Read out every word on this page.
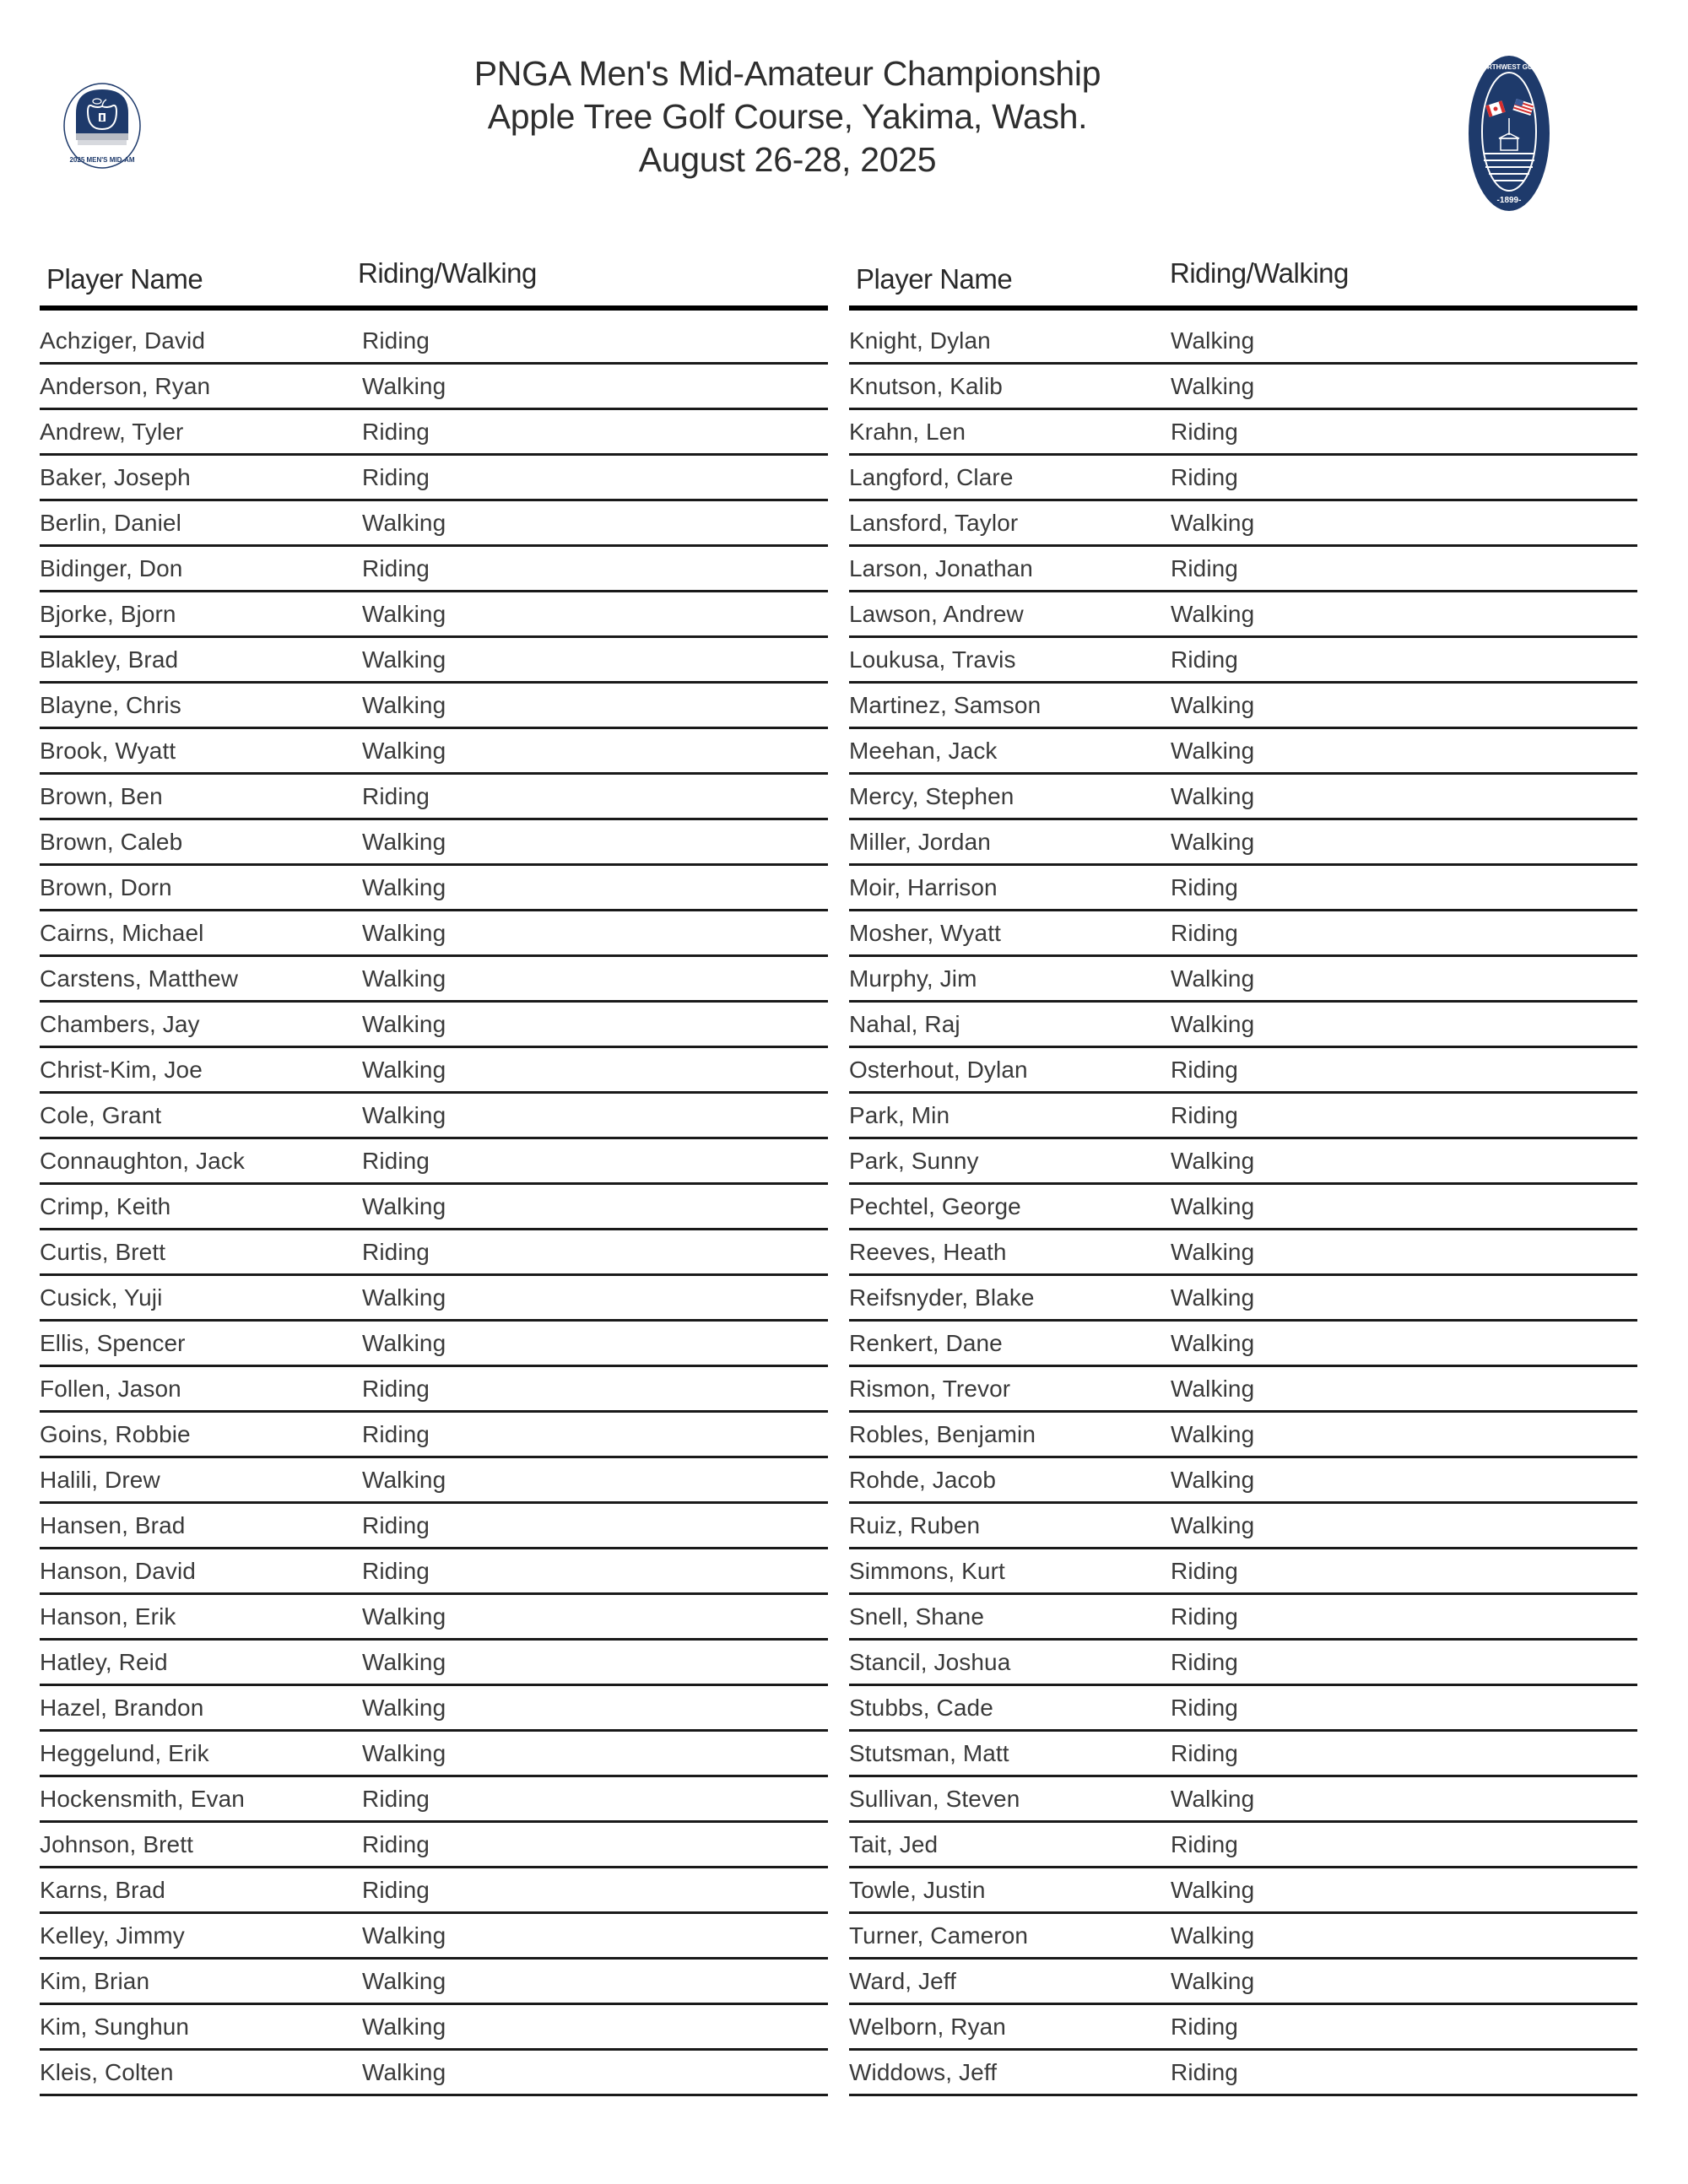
2025 MEN'S MID-AM
PNGA Men's Mid-Amateur Championship
Apple Tree Golf Course, Yakima, Wash.
August 26-28, 2025
-1899-
NORTHWEST GOLF
Player Name	Riding/Walking
Achziger, David	Riding
Anderson, Ryan	Walking
Andrew, Tyler	Riding
Baker, Joseph	Riding
Berlin, Daniel	Walking
Bidinger, Don	Riding
Bjorke, Bjorn	Walking
Blakley, Brad	Walking
Blayne, Chris	Walking
Brook, Wyatt	Walking
Brown, Ben	Riding
Brown, Caleb	Walking
Brown, Dorn	Walking
Cairns, Michael	Walking
Carstens, Matthew	Walking
Chambers, Jay	Walking
Christ-Kim, Joe	Walking
Cole, Grant	Walking
Connaughton, Jack	Riding
Crimp, Keith	Walking
Curtis, Brett	Riding
Cusick, Yuji	Walking
Ellis, Spencer	Walking
Follen, Jason	Riding
Goins, Robbie	Riding
Halili, Drew	Walking
Hansen, Brad	Riding
Hanson, David	Riding
Hanson, Erik	Walking
Hatley, Reid	Walking
Hazel, Brandon	Walking
Heggelund, Erik	Walking
Hockensmith, Evan	Riding
Johnson, Brett	Riding
Karns, Brad	Riding
Kelley, Jimmy	Walking
Kim, Brian	Walking
Kim, Sunghun	Walking
Kleis, Colten	Walking
Player Name	Riding/Walking
Knight, Dylan	Walking
Knutson, Kalib	Walking
Krahn, Len	Riding
Langford, Clare	Riding
Lansford, Taylor	Walking
Larson, Jonathan	Riding
Lawson, Andrew	Walking
Loukusa, Travis	Riding
Martinez, Samson	Walking
Meehan, Jack	Walking
Mercy, Stephen	Walking
Miller, Jordan	Walking
Moir, Harrison	Riding
Mosher, Wyatt	Riding
Murphy, Jim	Walking
Nahal, Raj	Walking
Osterhout, Dylan	Riding
Park, Min	Riding
Park, Sunny	Walking
Pechtel, George	Walking
Reeves, Heath	Walking
Reifsnyder, Blake	Walking
Renkert, Dane	Walking
Rismon, Trevor	Walking
Robles, Benjamin	Walking
Rohde, Jacob	Walking
Ruiz, Ruben	Walking
Simmons, Kurt	Riding
Snell, Shane	Riding
Stancil, Joshua	Riding
Stubbs, Cade	Riding
Stutsman, Matt	Riding
Sullivan, Steven	Walking
Tait, Jed	Riding
Towle, Justin	Walking
Turner, Cameron	Walking
Ward, Jeff	Walking
Welborn, Ryan	Riding
Widdows, Jeff	Riding
